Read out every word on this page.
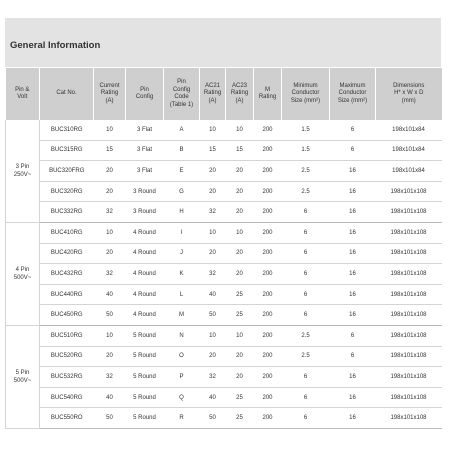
General Information
Pin &
Volt	Cat No.	Current
Rating
(A)	Pin
Config	Pin
Config
Code
(Table 1)	AC21
Rating
(A)	AC23
Rating
(A)	M
Rating	Minimum
Conductor
Size (mm²)	Maximum
Conductor
Size (mm²)	Dimensions
H* x W x D
(mm)
3 Pin
250V~	BUC310RG	10	3 Flat	A	10	10	200	1.5	6	198x101x84
	BUC315RG	15	3 Flat	B	15	15	200	1.5	6	198x101x84
	BUC320FRG	20	3 Flat	E	20	20	200	2.5	16	198x101x84
	BUC320RG	20	3 Round	G	20	20	200	2.5	16	198x101x108
	BUC332RG	32	3 Round	H	32	20	200	6	16	198x101x108
4 Pin
500V~	BUC410RG	10	4 Round	I	10	10	200	6	16	198x101x108
	BUC420RG	20	4 Round	J	20	20	200	6	16	198x101x108
	BUC432RG	32	4 Round	K	32	20	200	6	16	198x101x108
	BUC440RG	40	4 Round	L	40	25	200	6	16	198x101x108
	BUC450RG	50	4 Round	M	50	25	200	6	16	198x101x108
5 Pin
500V~	BUC510RG	10	5 Round	N	10	10	200	2.5	6	198x101x108
	BUC520RG	20	5 Round	O	20	20	200	2.5	6	198x101x108
	BUC532RG	32	5 Round	P	32	20	200	6	16	198x101x108
	BUC540RG	40	5 Round	Q	40	25	200	6	16	198x101x108
	BUC550RO	50	5 Round	R	50	25	200	6	16	198x101x108
